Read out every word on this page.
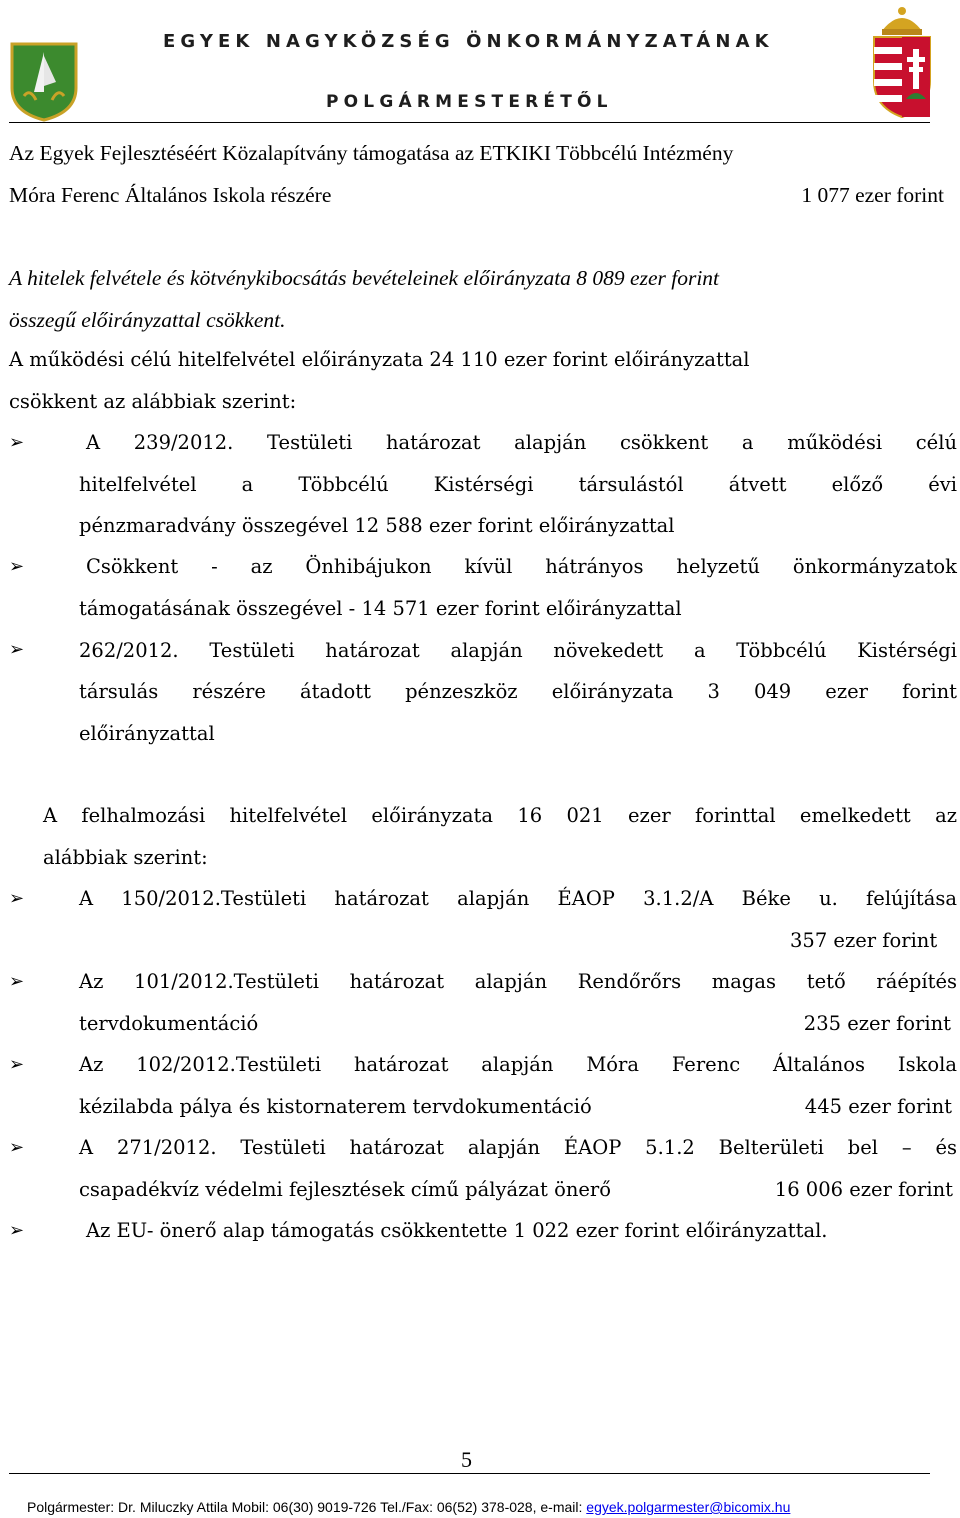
EGYEK NAGYKÖZSÉG ÖNKORMÁNYZATÁNAK
POLGÁRMESTERÉTŐL
Az Egyek Fejlesztéséért Közalapítvány támogatása az ETKIKI Többcélú Intézmény
Móra Ferenc Általános Iskola részére	1 077 ezer forint
A hitelek felvétele és kötvénykibocsátás bevételeinek előirányzata 8 089 ezer forint
összegű előirányzattal csökkent.
A működési célú hitelfelvétel előirányzata 24 110 ezer forint előirányzattal
csökkent az alábbiak szerint:
➢	A 239/2012. Testületi határozat alapján csökkent a működési célú
hitelfelvétel a Többcélú Kistérségi társulástól átvett előző évi
pénzmaradvány összegével 12 588 ezer forint előirányzattal
➢	Csökkent - az Önhibájukon kívül hátrányos helyzetű önkormányzatok
támogatásának összegével - 14 571 ezer forint előirányzattal
➢	262/2012. Testületi határozat alapján növekedett a Többcélú Kistérségi
társulás részére átadott pénzeszköz előirányzata 3 049 ezer forint
előirányzattal
A felhalmozási hitelfelvétel előirányzata 16 021 ezer forinttal emelkedett az
alábbiak szerint:
➢	A 150/2012.Testületi határozat alapján ÉAOP 3.1.2/A Béke u. felújítása
357 ezer forint
➢	Az 101/2012.Testületi határozat alapján Rendőrőrs magas tető ráépítés
tervdokumentáció	235 ezer forint
➢	Az 102/2012.Testületi határozat alapján Móra Ferenc Általános Iskola
kézilabda pálya és kistornaterem tervdokumentáció	445 ezer forint
➢	A 271/2012. Testületi határozat alapján ÉAOP 5.1.2 Belterületi bel – és
csapadékvíz védelmi fejlesztések című pályázat önerő	16 006 ezer forint
➢	Az EU- önerő alap támogatás csökkentette 1 022 ezer forint előirányzattal.
5
Polgármester: Dr. Miluczky Attila Mobil: 06(30) 9019-726 Tel./Fax: 06(52) 378-028, e-mail: egyek.polgarmester@bicomix.hu
